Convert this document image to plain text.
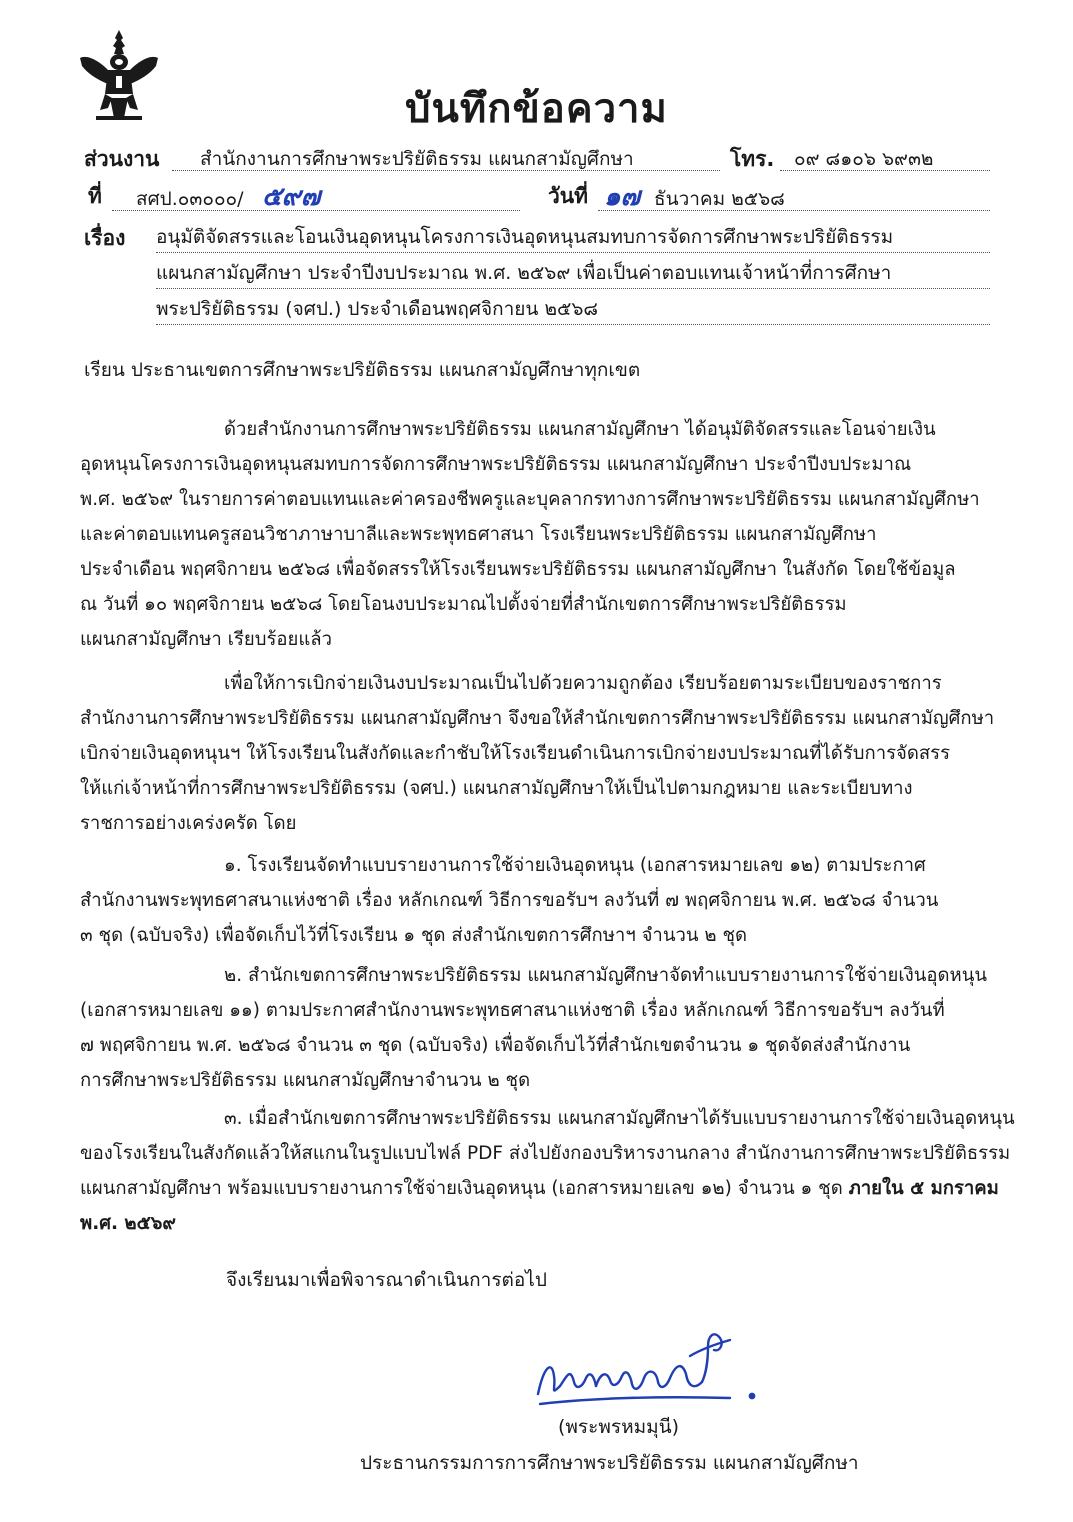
บันทึกข้อความ
ส่วนงาน	สำนักงานการศึกษาพระปริยัติธรรม แผนกสามัญศึกษา	โทร.	๐๙ ๘๑๐๖ ๖๙๓๒
ที่ สศป.๐๓๐๐๐/ ๕๙๗	วันที่ ๑๗ ธันวาคม ๒๕๖๘
เรื่อง อนุมัติจัดสรรและโอนเงินอุดหนุนโครงการเงินอุดหนุนสมทบการจัดการศึกษาพระปริยัติธรรม
แผนกสามัญศึกษา ประจำปีงบประมาณ พ.ศ. ๒๕๖๙ เพื่อเป็นค่าตอบแทนเจ้าหน้าที่การศึกษา
พระปริยัติธรรม (จศป.) ประจำเดือนพฤศจิกายน ๒๕๖๘
เรียน ประธานเขตการศึกษาพระปริยัติธรรม แผนกสามัญศึกษาทุกเขต
ด้วยสำนักงานการศึกษาพระปริยัติธรรม แผนกสามัญศึกษา ได้อนุมัติจัดสรรและโอนจ่ายเงิน
อุดหนุนโครงการเงินอุดหนุนสมทบการจัดการศึกษาพระปริยัติธรรม แผนกสามัญศึกษา ประจำปีงบประมาณ
พ.ศ. ๒๕๖๙ ในรายการค่าตอบแทนและค่าครองชีพครูและบุคลากรทางการศึกษาพระปริยัติธรรม แผนกสามัญศึกษา
และค่าตอบแทนครูสอนวิชาภาษาบาลีและพระพุทธศาสนา โรงเรียนพระปริยัติธรรม แผนกสามัญศึกษา
ประจำเดือน พฤศจิกายน ๒๕๖๘ เพื่อจัดสรรให้โรงเรียนพระปริยัติธรรม แผนกสามัญศึกษา ในสังกัด โดยใช้ข้อมูล
ณ วันที่ ๑๐ พฤศจิกายน ๒๕๖๘ โดยโอนงบประมาณไปตั้งจ่ายที่สำนักเขตการศึกษาพระปริยัติธรรม
แผนกสามัญศึกษา เรียบร้อยแล้ว
เพื่อให้การเบิกจ่ายเงินงบประมาณเป็นไปด้วยความถูกต้อง เรียบร้อยตามระเบียบของราชการ
สำนักงานการศึกษาพระปริยัติธรรม แผนกสามัญศึกษา จึงขอให้สำนักเขตการศึกษาพระปริยัติธรรม แผนกสามัญศึกษา
เบิกจ่ายเงินอุดหนุนฯ ให้โรงเรียนในสังกัดและกำชับให้โรงเรียนดำเนินการเบิกจ่ายงบประมาณที่ได้รับการจัดสรร
ให้แก่เจ้าหน้าที่การศึกษาพระปริยัติธรรม (จศป.) แผนกสามัญศึกษาให้เป็นไปตามกฎหมาย และระเบียบทาง
ราชการอย่างเคร่งครัด โดย
๑. โรงเรียนจัดทำแบบรายงานการใช้จ่ายเงินอุดหนุน (เอกสารหมายเลข ๑๒) ตามประกาศ
สำนักงานพระพุทธศาสนาแห่งชาติ เรื่อง หลักเกณฑ์ วิธีการขอรับฯ ลงวันที่ ๗ พฤศจิกายน พ.ศ. ๒๕๖๘ จำนวน
๓ ชุด (ฉบับจริง) เพื่อจัดเก็บไว้ที่โรงเรียน ๑ ชุด ส่งสำนักเขตการศึกษาฯ จำนวน ๒ ชุด
๒. สำนักเขตการศึกษาพระปริยัติธรรม แผนกสามัญศึกษาจัดทำแบบรายงานการใช้จ่ายเงินอุดหนุน
(เอกสารหมายเลข ๑๑) ตามประกาศสำนักงานพระพุทธศาสนาแห่งชาติ เรื่อง หลักเกณฑ์ วิธีการขอรับฯ ลงวันที่
๗ พฤศจิกายน พ.ศ. ๒๕๖๘ จำนวน ๓ ชุด (ฉบับจริง) เพื่อจัดเก็บไว้ที่สำนักเขตจำนวน ๑ ชุดจัดส่งสำนักงาน
การศึกษาพระปริยัติธรรม แผนกสามัญศึกษาจำนวน ๒ ชุด
๓. เมื่อสำนักเขตการศึกษาพระปริยัติธรรม แผนกสามัญศึกษาได้รับแบบรายงานการใช้จ่ายเงินอุดหนุน
ของโรงเรียนในสังกัดแล้วให้สแกนในรูปแบบไฟล์ PDF ส่งไปยังกองบริหารงานกลาง สำนักงานการศึกษาพระปริยัติธรรม
แผนกสามัญศึกษา พร้อมแบบรายงานการใช้จ่ายเงินอุดหนุน (เอกสารหมายเลข ๑๒) จำนวน ๑ ชุด ภายใน ๕ มกราคม
พ.ศ. ๒๕๖๙
จึงเรียนมาเพื่อพิจารณาดำเนินการต่อไป
พระพรหมมุนี
(พระพรหมมุนี)
ประธานกรรมการการศึกษาพระปริยัติธรรม แผนกสามัญศึกษา
